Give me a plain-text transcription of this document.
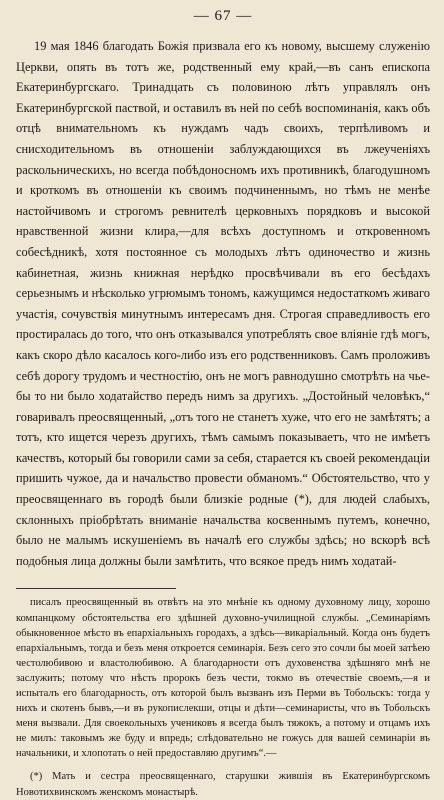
— 67 —

19 мая 1846 благодать Божія призвала его къ новому, высшему служенію Церкви, опять въ тотъ же, родственный ему край,—въ санъ епископа Екатеринбургскаго. Тринадцать съ половиною лѣтъ управлялъ онъ Екатеринбургской паствой, и оставилъ въ ней по себѣ воспоминанія, какъ объ отцѣ внимательномъ къ нуждамъ чадъ своихъ, терпѣливомъ и снисходительномъ въ отношеніи заблуждающихся въ лжеученіяхъ раскольническихъ, но всегда побѣдоносномъ ихъ противникѣ, благодушномъ и кроткомъ въ отношеніи къ своимъ подчиненнымъ, но тѣмъ не менѣе настойчивомъ и строгомъ ревнителѣ церковныхъ порядковъ и высокой нравственной жизни клира,—для всѣхъ доступномъ и откровенномъ собесѣдникѣ, хотя постоянное съ молодыхъ лѣтъ одиночество и жизнь кабинетная, жизнь книжная нерѣдко просвѣчивали въ его бесѣдахъ серьезнымъ и нѣсколько угрюмымъ тономъ, кажущимся недостаткомъ живаго участія, сочувствія минутнымъ интересамъ дня. Строгая справедливость его простиралась до того, что онъ отказывался употреблять свое вліяніе гдѣ могъ, какъ скоро дѣло касалось кого-либо изъ его родственниковъ. Самъ проложивъ себѣ дорогу трудомъ и честностію, онъ не могъ равнодушно смотрѣть на чье-бы то ни было ходатайство передъ нимъ за другихъ. „Достойный человѣкъ,“ говаривалъ преосвященный, „отъ того не станетъ хуже, что его не замѣтятъ; а тотъ, кто ищется черезъ другихъ, тѣмъ самымъ показываетъ, что не имѣетъ качествъ, который бы говорили сами за себя, старается къ своей рекомендаціи пришить чужое, да и начальство провести обманомъ.“ Обстоятельство, что у преосвященнаго въ городѣ были близкіе родные (*), для людей слабыхъ, склонныхъ пріобрѣтать вниманіе начальства косвеннымъ путемъ, конечно, было не малымъ искушеніемъ въ началѣ его службы здѣсь; но вскорѣ всѣ подобныя лица должны были замѣтить, что всякое предъ нимъ ходатай-

писалъ преосвященный въ отвѣтъ на это мнѣніе къ одному духовному лицу, хорошо компанцкому обстоятельства его здѣшней духовно-училищной службы. „Семинаріямъ обыкновенное мѣсто въ епархіальныхъ городахъ, а здѣсь—викаріальный. Когда онъ будетъ епархіальнымъ, тогда и безъ меня откроется семинарія. Безъ сего это сочли бы моей затѣею честолюбивою и властолюбивою. А благодарности отъ духовенства здѣшняго мнѣ не заслужить; потому что нѣсть пророкъ безъ чести, токмо въ отечествіе своемъ,—я и испыталъ его благодарность, отъ которой былъ вызванъ изъ Перми въ Тобольскъ: тогда у нихъ и скотенъ бывъ,—и въ рукопислекши, отцы и дѣти—семинаристы, что въ Тобольскъ меня вызвали. Для своекольныхъ учениковъ я всегда былъ тяжокъ, а потому и отцамъ ихъ не милъ: таковымъ же буду и впредь; слѣдовательно не гожусь для вашей семинаріи въ начальники, и хлопотать о ней предоставляю другимъ“.—

(*) Мать и сестра преосвященнаго, старушки жившія въ Екатеринбургскомъ Новотихвинскомъ женскомъ монастырѣ.
